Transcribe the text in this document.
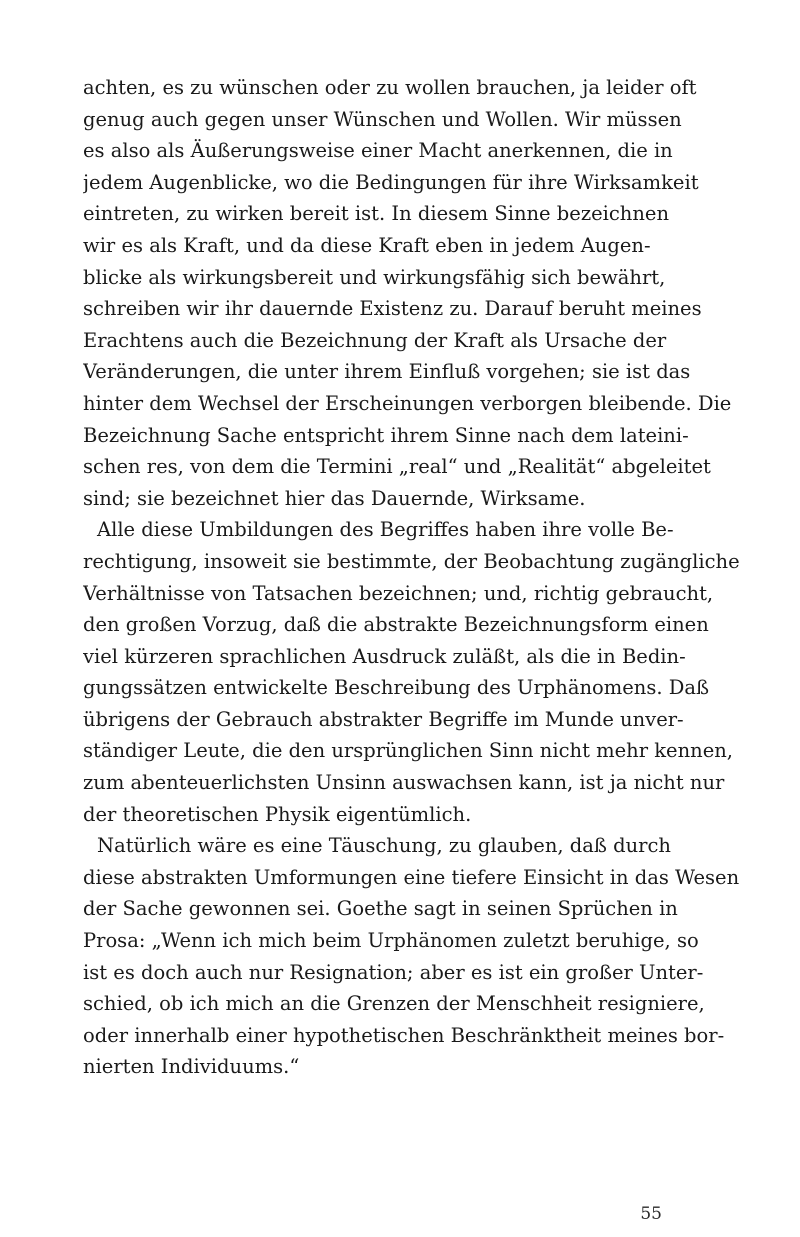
achten, es zu wünschen oder zu wollen brauchen, ja leider oft
genug auch gegen unser Wünschen und Wollen. Wir müssen
es also als Äußerungsweise einer Macht anerkennen, die in
jedem Augenblicke, wo die Bedingungen für ihre Wirksamkeit
eintreten, zu wirken bereit ist. In diesem Sinne bezeichnen
wir es als Kraft, und da diese Kraft eben in jedem Augen-
blicke als wirkungsbereit und wirkungsfähig sich bewährt,
schreiben wir ihr dauernde Existenz zu. Darauf beruht meines
Erachtens auch die Bezeichnung der Kraft als Ursache der
Veränderungen, die unter ihrem Einfluß vorgehen; sie ist das
hinter dem Wechsel der Erscheinungen verborgen bleibende. Die
Bezeichnung Sache entspricht ihrem Sinne nach dem lateini-
schen res, von dem die Termini „real“ und „Realität“ abgeleitet
sind; sie bezeichnet hier das Dauernde, Wirksame.
Alle diese Umbildungen des Begriffes haben ihre volle Be-
rechtigung, insoweit sie bestimmte, der Beobachtung zugängliche
Verhältnisse von Tatsachen bezeichnen; und, richtig gebraucht,
den großen Vorzug, daß die abstrakte Bezeichnungsform einen
viel kürzeren sprachlichen Ausdruck zuläßt, als die in Bedin-
gungssätzen entwickelte Beschreibung des Urphänomens. Daß
übrigens der Gebrauch abstrakter Begriffe im Munde unver-
ständiger Leute, die den ursprünglichen Sinn nicht mehr kennen,
zum abenteuerlichsten Unsinn auswachsen kann, ist ja nicht nur
der theoretischen Physik eigentümlich.
Natürlich wäre es eine Täuschung, zu glauben, daß durch
diese abstrakten Umformungen eine tiefere Einsicht in das Wesen
der Sache gewonnen sei. Goethe sagt in seinen Sprüchen in
Prosa: „Wenn ich mich beim Urphänomen zuletzt beruhige, so
ist es doch auch nur Resignation; aber es ist ein großer Unter-
schied, ob ich mich an die Grenzen der Menschheit resigniere,
oder innerhalb einer hypothetischen Beschränktheit meines bor-
nierten Individuums.“
55
